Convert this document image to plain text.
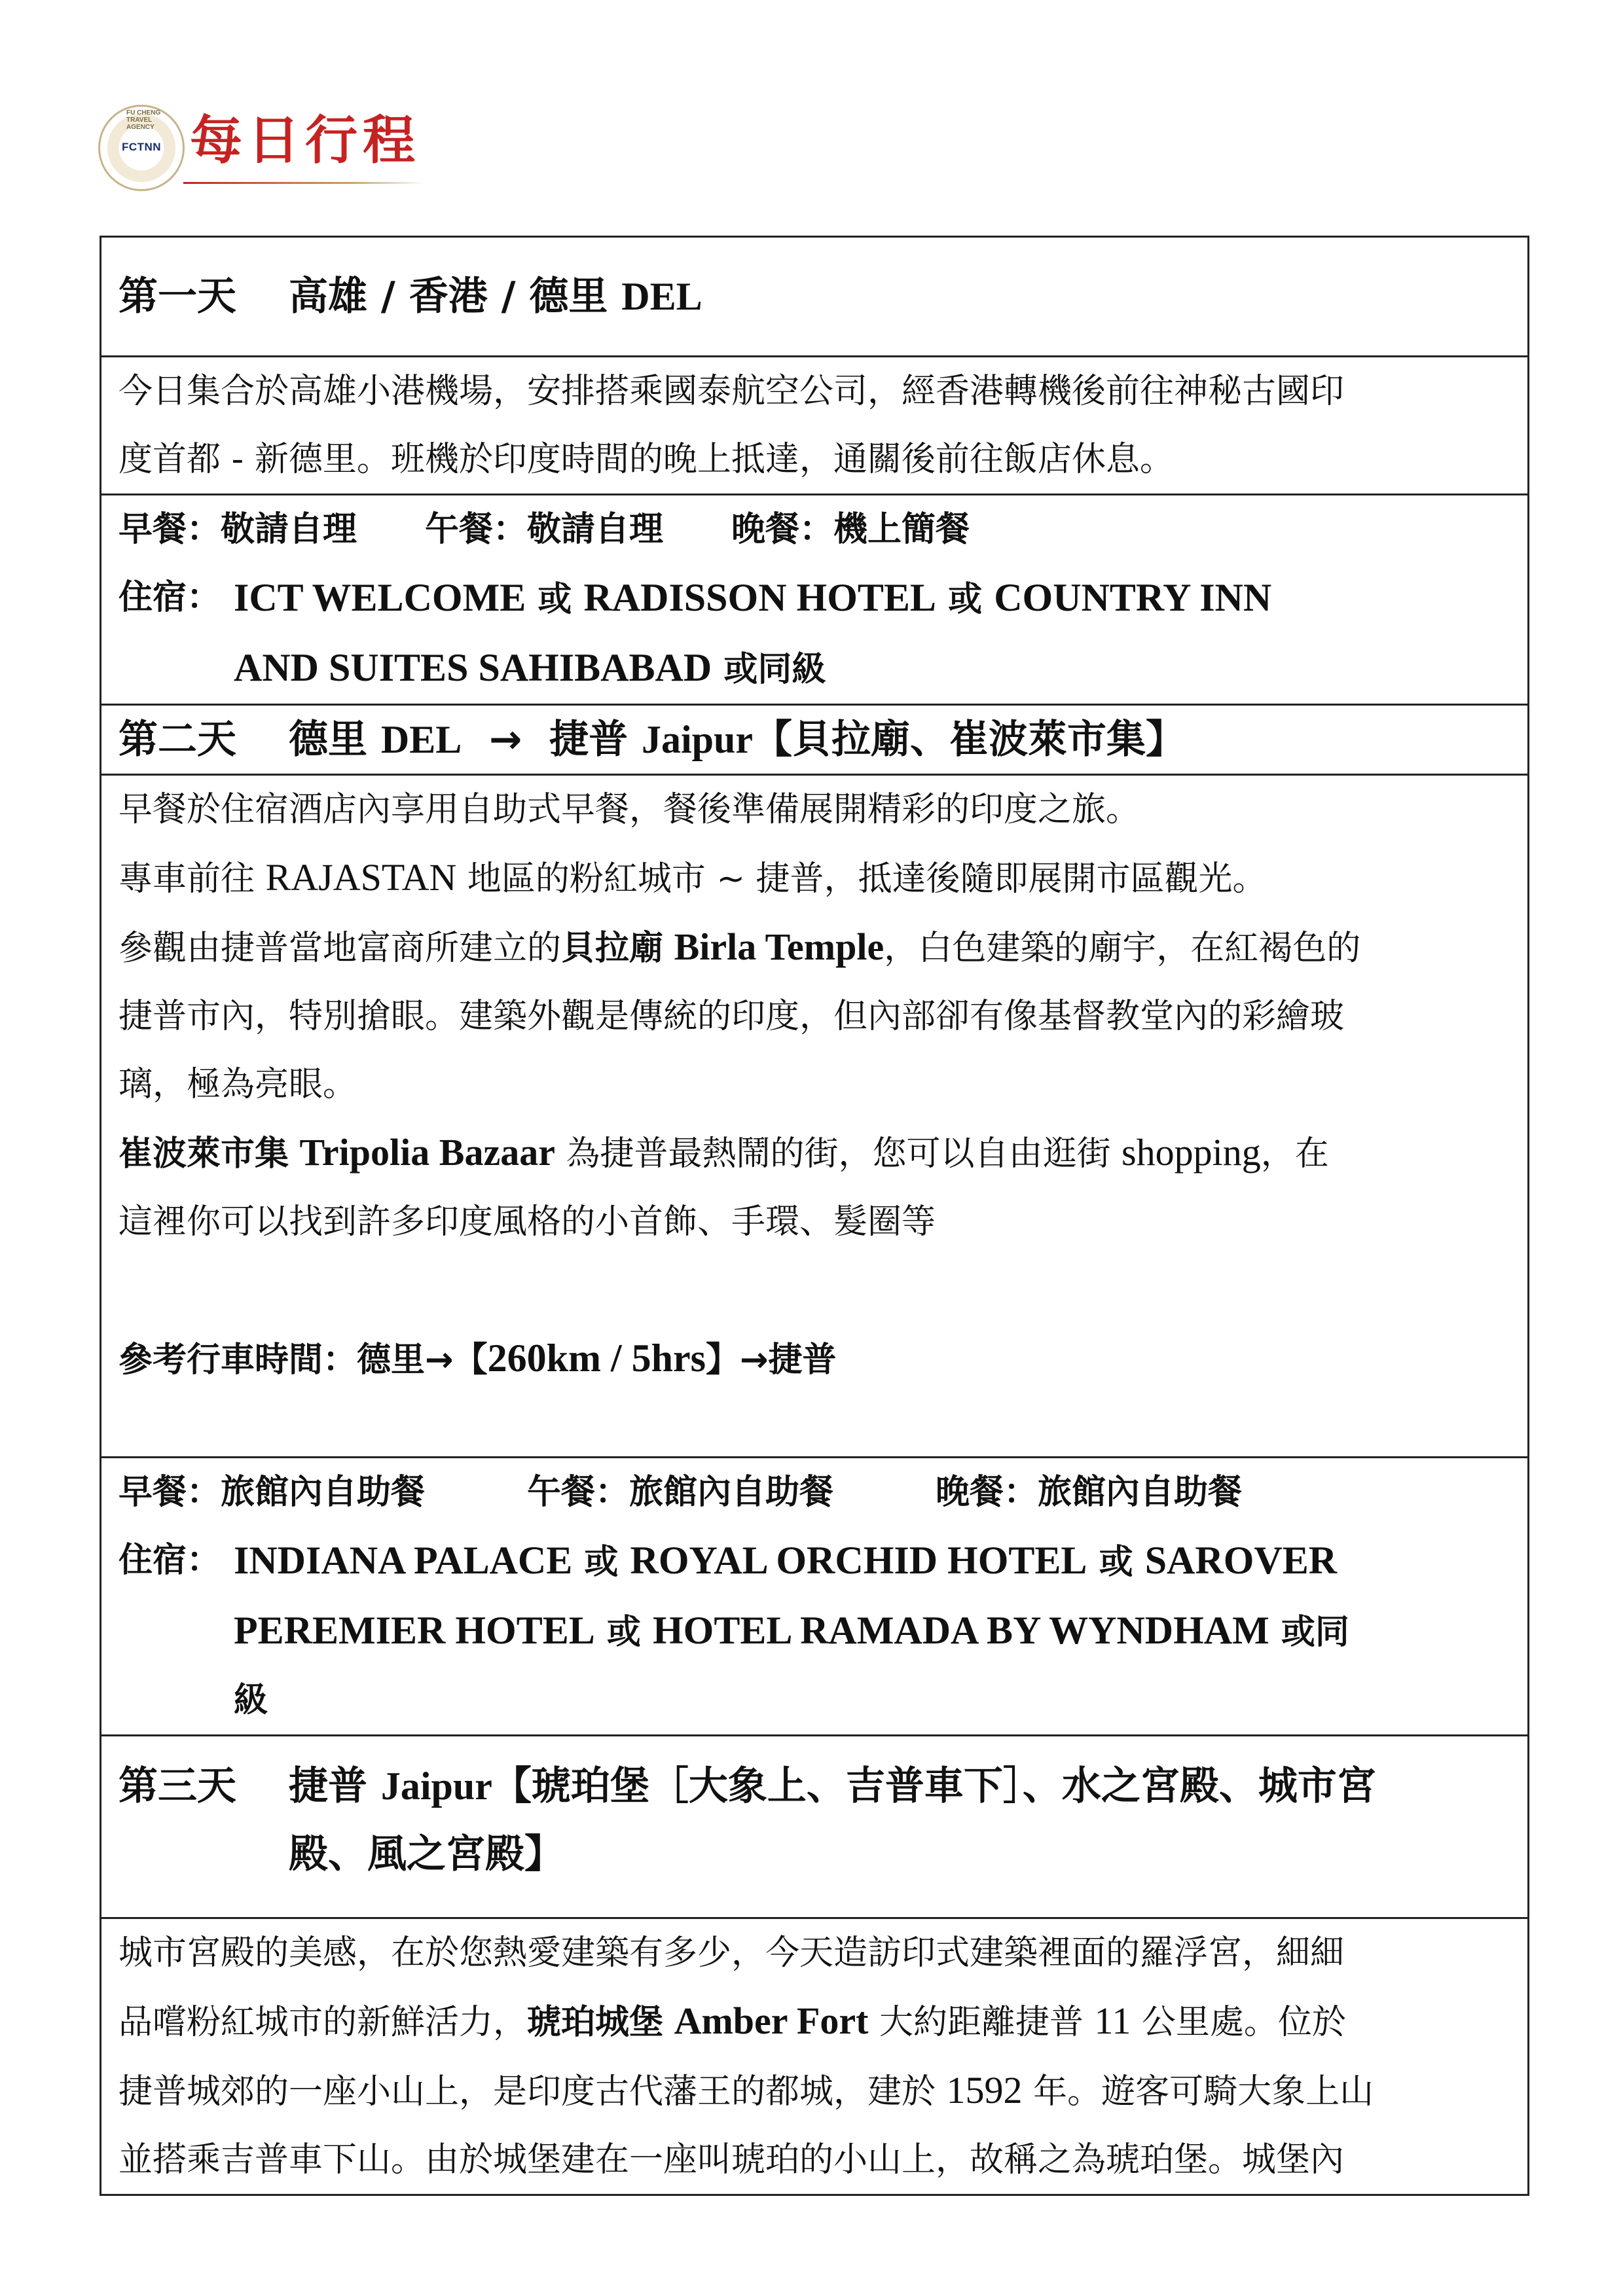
FU CHENG TRAVEL AGENCY
FCTNN 每日行程
第一天 高雄 / 香港 / 德里 DEL

今日集合於高雄小港機場，安排搭乘國泰航空公司，經香港轉機後前往神秘古國印
度首都 - 新德里。班機於印度時間的晚上抵達，通關後前往飯店休息。

早餐：敬請自理　　午餐：敬請自理　　晚餐：機上簡餐
住宿： ICT WELCOME 或 RADISSON HOTEL 或 COUNTRY INN
AND SUITES SAHIBABAD 或同級

第二天 德里 DEL → 捷普 Jaipur【貝拉廟、崔波萊市集】

早餐於住宿酒店內享用自助式早餐，餐後準備展開精彩的印度之旅。
專車前往 RAJASTAN 地區的粉紅城市 ~ 捷普，抵達後隨即展開市區觀光。
參觀由捷普當地富商所建立的貝拉廟 Birla Temple，白色建築的廟宇，在紅褐色的
捷普市內，特別搶眼。建築外觀是傳統的印度，但內部卻有像基督教堂內的彩繪玻
璃，極為亮眼。
崔波萊市集 Tripolia Bazaar 為捷普最熱鬧的街，您可以自由逛街 shopping，在
這裡你可以找到許多印度風格的小首飾、手環、髮圈等
參考行車時間：德里→【260km / 5hrs】→捷普

早餐：旅館內自助餐　　　午餐：旅館內自助餐　　　晚餐：旅館內自助餐
住宿： INDIANA PALACE 或 ROYAL ORCHID HOTEL 或 SAROVER
PEREMIER HOTEL 或 HOTEL RAMADA BY WYNDHAM 或同
級

第三天	捷普 Jaipur【琥珀堡［大象上、吉普車下］、水之宮殿、城市宮
殿、風之宮殿】

城市宮殿的美感，在於您熱愛建築有多少，今天造訪印式建築裡面的羅浮宮，細細
品嚐粉紅城市的新鮮活力，琥珀城堡 Amber Fort 大約距離捷普 11 公里處。位於
捷普城郊的一座小山上，是印度古代藩王的都城，建於 1592 年。遊客可騎大象上山
並搭乘吉普車下山。由於城堡建在一座叫琥珀的小山上，故稱之為琥珀堡。城堡內
